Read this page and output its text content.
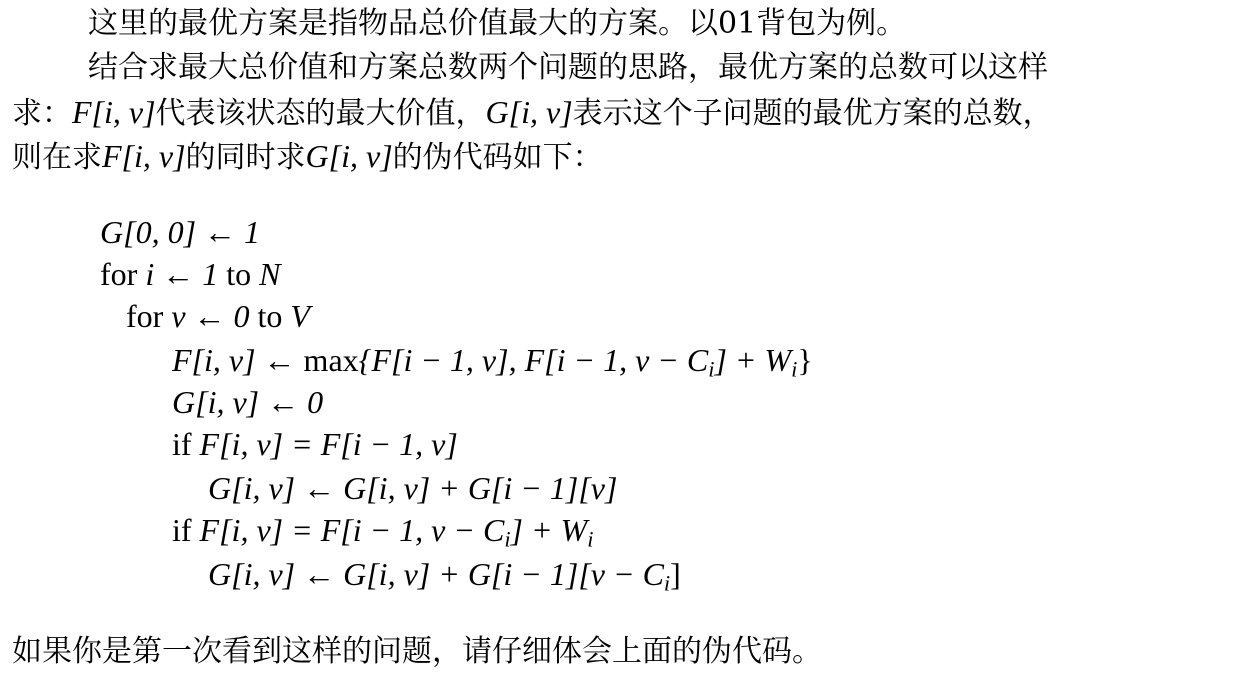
这里的最优方案是指物品总价值最大的方案。以01背包为例。
结合求最大总价值和方案总数两个问题的思路，最优方案的总数可以这样
求：F[i, v]代表该状态的最大价值，G[i, v]表示这个子问题的最优方案的总数，
则在求F[i, v]的同时求G[i, v]的伪代码如下：
G[0, 0] ← 1
for i ← 1 to N
for v ← 0 to V
F[i, v] ← max{F[i − 1, v], F[i − 1, $v - C_i] + W_i$}
G[i, v] ← 0
if F[i, v] = F[i − 1, v]
G[i, v] ← G[i, v] + G[i − 1][v]
if F[i, v] = F[i − 1, $v - C_i] + W_i$
G[i, v] ← G[i, $v] + G[i - 1][v - C_i]$
如果你是第一次看到这样的问题，请仔细体会上面的伪代码。
